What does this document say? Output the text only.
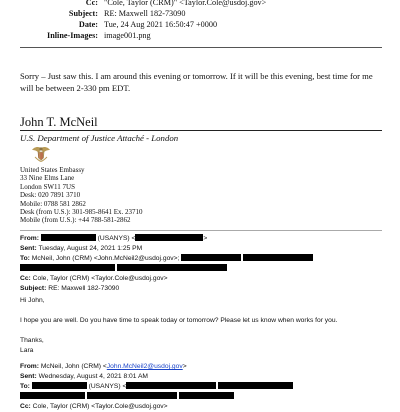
Cc: "Cole, Taylor (CRM)" <Taylor.Cole@usdoj.gov>
Subject: RE: Maxwell 182-73090
Date: Tue, 24 Aug 2021 16:50:47 +0000
Inline-Images: image001.png
Sorry – Just saw this. I am around this evening or tomorrow. If it will be this evening, best time for me will be between 2-330 pm EDT.
John T. McNeil
U.S. Department of Justice Attaché - London
United States Embassy
33 Nine Elms Lane
London SW11 7US
Desk: 020 7891 3710
Mobile: 0788 581 2862
Desk (from U.S.): 301-985-8641 Ex. 23710
Mobile (from U.S.): +44 788-581-2862
From:	(USANYS) <	>
Sent: Tuesday, August 24, 2021 1:25 PM
To: McNeil, John (CRM) <John.McNeil2@usdoj.gov>;

Cc: Cole, Taylor (CRM) <Taylor.Cole@usdoj.gov>
Subject: RE: Maxwell 182-73090
Hi John,
I hope you are well. Do you have time to speak today or tomorrow? Please let us know when works for you.
Thanks,
Lara
From: McNeil, John (CRM) <John.McNeil2@usdoj.gov>
Sent: Wednesday, August 4, 2021 8:01 AM
To:	(USANYS) <

Cc: Cole, Taylor (CRM) <Taylor.Cole@usdoj.gov>
